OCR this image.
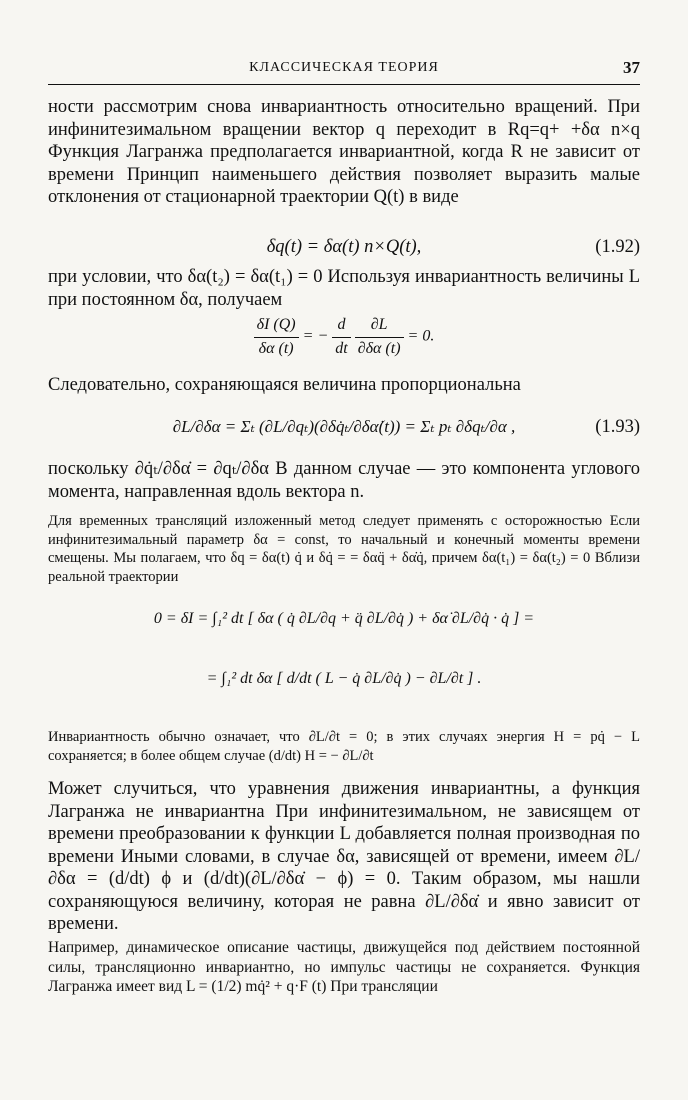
КЛАССИЧЕСКАЯ ТЕОРИЯ	37

ности рассмотрим снова инвариантность относительно вращений. При инфинитезимальном вращении вектор q переходит в Rq=q+ +δα n×q Функция Лагранжа предполагается инвариантной, когда R не зависит от времени Принцип наименьшего действия позволяет выразить малые отклонения от стационарной траектории Q(t) в виде

δq(t) = δα(t) n×Q(t),	(1.92)

при условии, что δα(t₂) = δα(t₁) = 0 Используя инвариантность величины L при постоянном δα, получаем

$\frac{\delta I (Q)}{\delta\alpha (t)}$ = − $\frac{d}{dt}$
$\frac{\partial L}{\partial\delta\alpha (t)} = 0$.

Следовательно, сохраняющаяся величина пропорциональна

∂L/∂δα = Σₜ (∂L/∂qₜ)(∂δq̇ₜ/∂δα̇(t)) = Σₜ pₜ ∂δqₜ/∂α ,	(1.93)

поскольку ∂q̇ₜ/∂δα̇ = ∂qₜ/∂δα В данном случае — это компонента углового момента, направленная вдоль вектора n.

Для временных трансляций изложенный метод следует применять с осторожностью Если инфинитезимальный параметр δα = const, то начальный и конечный моменты времени смещены. Мы полагаем, что δq = δα(t) q̇ и δq̇ = = δαq̈ + δα̇q̇, причем δα(t₁) = δα(t₂) = 0 Вблизи реальной траектории

0 = δI = ∫₁² dt [ δα ( q̇ ∂L/∂q + q̈ ∂L/∂q̇ ) + δα̇ ∂L/∂q̇ · q̇ ] =
= ∫₁² dt δα [ d/dt ( L − q̇ ∂L/∂q̇ ) − ∂L/∂t ] .

Инвариантность обычно означает, что ∂L/∂t = 0; в этих случаях энергия H = pq̇ − L сохраняется; в более общем случае (d/dt) H = − ∂L/∂t

Может случиться, что уравнения движения инвариантны, а функция Лагранжа не инвариантна При инфинитезимальном, не зависящем от времени преобразовании к функции L добавляется полная производная по времени Иными словами, в случае δα, зависящей от времени, имеем ∂L/∂δα = (d/dt) ϕ и (d/dt)(∂L/∂δα̇ − ϕ) = 0. Таким образом, мы нашли сохраняющуюся величину, которая не равна ∂L/∂δα̇ и явно зависит от времени.

Например, динамическое описание частицы, движущейся под действием постоянной силы, трансляционно инвариантно, но импульс частицы не сохраняется. Функция Лагранжа имеет вид L = (1/2) mq̇² + q·F (t) При трансляции
